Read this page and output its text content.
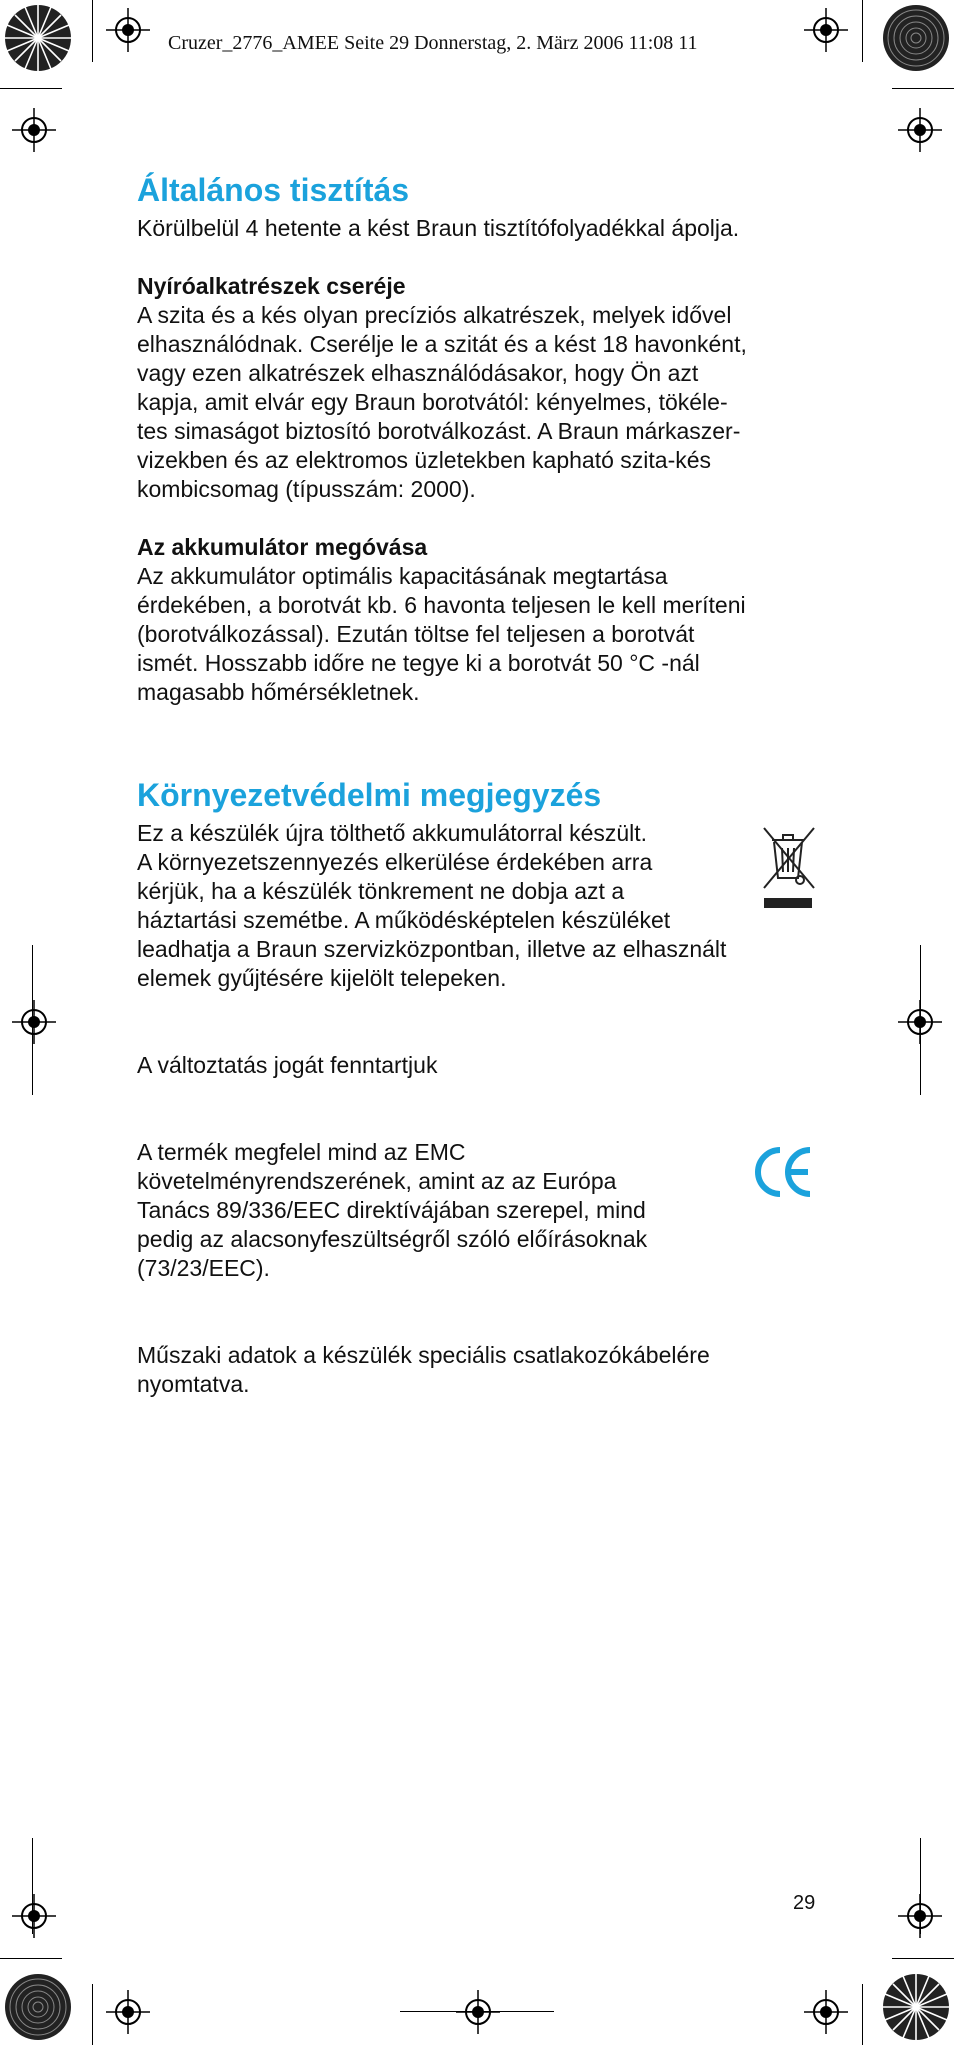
Cruzer_2776_AMEE Seite 29 Donnerstag, 2. März 2006 11:08 11
Általános tisztítás

Körülbelül 4 hetente a kést Braun tisztítófolyadékkal ápolja.

Nyíróalkatrészek cseréje

A szita és a kés olyan precíziós alkatrészek, melyek idővel
elhasználódnak. Cserélje le a szitát és a kést 18 havonként,
vagy ezen alkatrészek elhasználódásakor, hogy Ön azt
kapja, amit elvár egy Braun borotvától: kényelmes, tökéle-
tes simaságot biztosító borotválkozást. A Braun márkaszer-
vizekben és az elektromos üzletekben kapható szita-kés
kombicsomag (típusszám: 2000).

Az akkumulátor megóvása

Az akkumulátor optimális kapacitásának megtartása
érdekében, a borotvát kb. 6 havonta teljesen le kell meríteni
(borotválkozással). Ezután töltse fel teljesen a borotvát
ismét. Hosszabb időre ne tegye ki a borotvát 50 °C -nál
magasabb hőmérsékletnek.

Környezetvédelmi megjegyzés

Ez a készülék újra tölthető akkumulátorral készült.
A környezetszennyezés elkerülése érdekében arra
kérjük, ha a készülék tönkrement ne dobja azt a
háztartási szemétbe. A működésképtelen készüléket
leadhatja a Braun szervizközpontban, illetve az elhasznált
elemek gyűjtésére kijelölt telepeken.

A változtatás jogát fenntartjuk

A termék megfelel mind az EMC
követelményrendszerének, amint az az Európa
Tanács 89/336/EEC direktívájában szerepel, mind
pedig az alacsonyfeszültségről szóló előírásoknak
(73/23/EEC).

Műszaki adatok a készülék speciális csatlakozókábelére
nyomtatva.

29
